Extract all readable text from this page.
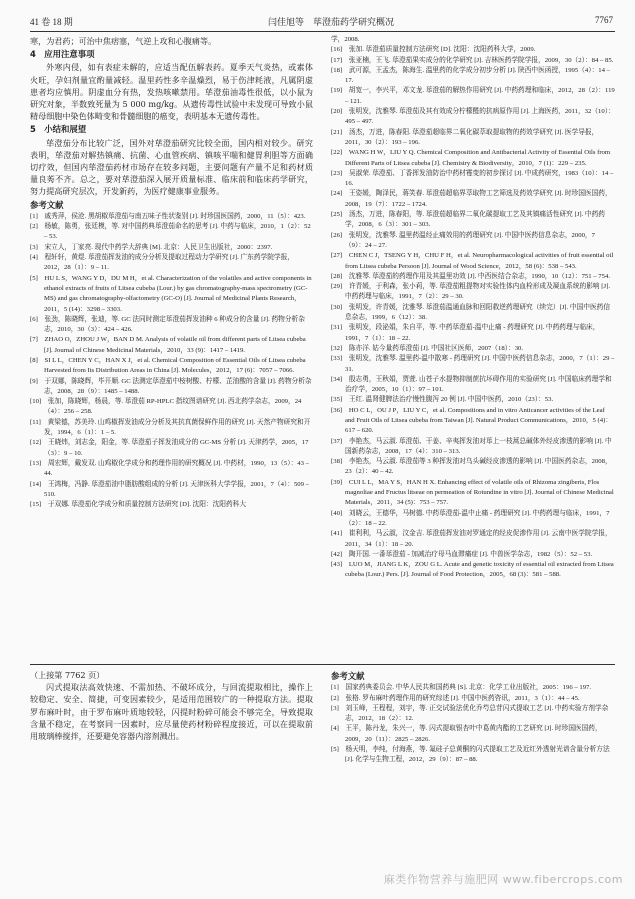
41 卷 18 期	闫佳旭等　荜澄茄药学研究概况	7767

寒，为君药；可治中焦痞塞，气逆上攻和心腹痛等。

4　应用注意事项

外寒内侵，如有表症未解的，应适当配伍解表药。夏季天气炎热，或素体火旺，孕妇剂量宜酌量减轻。温里药性多辛温燥烈，易于伤津耗液，凡属阴虚患者均应慎用。阴虚血分有热，发热咳嗽禁用。荜澄茄油毒性很低，以小鼠为研究对象，半数致死量为 5 000 mg/kg。从遗传毒性试验中未发现可导致小鼠精母细胞中染色体畸变和骨髓细胞的癌变，表明基本无遗传毒性。

5　小结和展望

荜澄茄分布比较广泛，国外对荜澄茄研究比较全面，国内相对较少。研究表明，荜澄茄对解热镇痛、抗菌、心血管疾病、镇咳平喘和健胃利胆等方面确切疗效，但国内荜澄茄药材市场存在较多问题，主要问题有产量不足和药材质量良莠不齐。总之，要对荜澄茄深入展开质量标准、临床前和临床药学研究，努力提高研究层次，开发新药，为医疗健康事业服务。

参考文献
[1]　戚秀萍，侯沧. 黑胡椒荜澄茄与南五味子性状鉴别 [J]. 时珍国医国药，2000，11（5）：423.
[2]　杨敏，陈勇，张廷模，等. 对中国药典荜澄茄命名的思考 [J]. 中药与临床，2010，1（2）：52 – 53.
[3]　宋立人，丁家亮. 现代中药学大辞典 [M]. 北京：人民卫生出版社，2000：2397.
[4]　程轩轩，黄煜. 荜澄茄挥发油的成分分析及提取过程动力学研究 [J]. 广东药学院学报，2012，28（1）：9 – 11.
[5]　HU L S，WANG Y D，DU M H，et al. Characterization of the volatiles and active components in ethanol extracts of fruits of Litsea cubeba (Lour.) by gas chromatography-mass spectrometry (GC-MS) and gas chromatography-olfactometry (GC-O) [J]. Journal of Medicinal Plants Research，2011，5 (14)：3298 – 3303.
[6]　张劲，陈晓辉，张迪，等. GC 法同时测定荜澄茄挥发油种 6 种成分的含量 [J]. 药物分析杂志，2010，30（3）：424 – 426.
[7]　ZHAO O，ZHOU J W，BAN D M. Analysis of volatile oil from different parts of Litsea cubeba [J]. Journal of Chinese Medicinal Materials，2010，33 (9)：1417 – 1419.
[8]　SI L L，CHEN Y C，HAN X J，et al. Chemical Composition of Essential Oils of Litsea cubeba Harvested from Its Distribution Areas in China [J]. Molecules，2012，17 (6)：7057 – 7066.
[9]　于双娜，陈晓辉，毕开顺. GC 法测定荜澄茄中桉树酸、柠檬、芷油酸的含量 [J]. 药物分析杂志，2008，28（9）：1485 – 1488.
[10]　张加，陈晓辉，杨晨，等. 荜澄茄 RP-HPLC 指纹图谱研究 [J]. 西北药学杂志，2009，24（4）：256 – 258.
[11]　黄梁德，苏美玲. 山鸡椒挥发油成分分析及其抗真菌保鲜作用的研究 [J]. 天然产物研究和开发，1994，6（1）：1 – 5.
[12]　王晓炜，刘志金，阳金，等. 荜澄茄子挥发油成分的 GC-MS 分析 [J]. 天津药学，2005，17（3）：9 – 10.
[13]　周宏辉，戴发双. 山鸡椒化学成分和药理作用的研究概况 [J]. 中药材，1990，13（5）：43 – 44.
[14]　王鸿梅，冯静. 荜澄茄油中脂肪酸组成的分析 [J]. 天津医科大学学报，2001，7（4）：509 – 510.
[15]　于双娜. 荜澄茄化学成分和质量控制方法研究 [D]. 沈阳：沈阳药科大
学，2008.
[16]　张加. 荜澄茄质量控制方法研究 [D]. 沈阳：沈阳药科大学，2009.
[17]　张亚楠，王飞. 荜澄茄果实成分的化学研究 [J]. 吉林医药学院学报，2009，30（2）：84 – 85.
[18]　武可源，王孟杰，陈海生. 温里药的化学成分初步分析 [J]. 陕西中医函授，1995（4）：14 – 17.
[19]　胡宽一，李兴平，邓文龙. 荜澄茄的解热作用研究 [J]. 中药药理和临床，2012，28（2）：119 – 121.
[20]　张明发，沈雅琴. 荜澄茄及其有效成分柠檬醛的抗病原作用 [J]. 上海医药，2011，32（10）：495 – 497.
[21]　汤杰，万进，陈春阳. 荜澄茄超临界二氧化碳萃取提取物的药效学研究 [J]. 医学导报，2011，30（2）：193 – 196.
[22]　WANG H W，LIU Y Q. Chemical Composition and Antibacterial Activity of Essential Oils from Different Parts of Litsea cubeba [J]. Chemistry & Biodiversity，2010，7 (1)：229 – 235.
[23]　吴淑荣. 荜澄茄、丁香挥发油防治中药材霉变的初步探讨 [J]. 中成药研究，1983（10）：14 – 16.
[24]　王姿媛，陶泽民，蒋笑春. 荜澄茄超临界萃取物工艺筛选及药效学研究 [J]. 时珍国医国药，2008，19（7）：1722 – 1724.
[25]　汤杰，万进，陈春阳，等. 荜澄茄超临界二氧化碳提取工艺及其镇痛活性研究 [J]. 中药药学，2008，6（3）：301 – 303.
[26]　张明发，沈雅琴. 温里药温经止痛效用的药理研究 [J]. 中国中医药信息杂志，2000，7（9）：24 – 27.
[27]　CHEN C J，TSENG Y H，CHU F H，et al. Neuropharmacological activities of fruit essential oil from Litsea cubeba Persoon [J]. Journal of Wood Science，2012，58 (6)：538 – 543.
[28]　沈雅琴. 荜澄茄的药理作用及其温里功效 [J]. 中西医结合杂志，1990，10（12）：751 – 754.
[29]　许青媛，于利森，张小莉，等. 荜澄茄粗提物对实验性体内血栓形成及凝血系统的影响 [J]. 中药药理与临床，1991，7（2）：29 – 30.
[30]　张明发，许青媛，沈雅琴. 荜澄茄温通血脉和回阳救逆药理研究（续完）[J]. 中国中医药信息杂志，1999，6（12）：38.
[31]　张明发，段泌娟，朱自平，等. 中药荜澄茄-温中止痛 - 药理研究 [J]. 中药药理与临床，1991，7（1）：18 – 22.
[32]　陈亦洋. 姑今量药荜澄茄 [J]. 中国社区医师，2007（18）：30.
[33]　张明发，沈雅琴. 温里药-温中散寒 - 药理研究 [J]. 中国中医药信息杂志，2000，7（1）：29 – 31.
[34]　殷志勇，王秋娟，贾萱. 山苍子水提物抑制蔗抗坏碍作用的实验研究 [J]. 中国临床药理学和治疗学，2005，10（1）：97 – 101.
[35]　王红. 温肾健脾法治疗慢性腹泻 20 例 [J]. 中国中医药，2010（23）：53.
[36]　HO C L，OU J P，LIU Y C，et al. Compositions and in vitro Anticancer activities of the Leaf and Fruit Oils of Litsea cubeba from Taiwan [J]. Natural Product Communications，2010，5 (4)：617 – 620.
[37]　李艳杰，马云淑. 荜澄茄、干姜、辛夷挥发油对荜上一枝蒿总碱体外经皮渗透的影响 [J]. 中国新药杂志，2008，17（4）：310 – 313.
[38]　李艳杰，马云淑. 荜澄茄等 3 种挥发油对乌头碱经皮渗透的影响 [J]. 中国医药杂志，2008，23（2）：40 – 42.
[39]　CUI L L，MA Y S，HAN H X. Enhancing effect of volatile oils of Rhizoma zingiberis, Flos magnoliae and Fructus litseae on permeation of Rotundine in vitro [J]. Journal of Chinese Medicinal Materials，2011，34 (5)：753 – 757.
[40]　刘晓云，王德华，马树德. 中药荜澄茄-温中止痛 - 药理研究 [J]. 中药药理与临床，1991，7（2）：18 – 22.
[41]　崔利利，马云淑，汶金吉. 荜澄茄挥发油对罗通定的经皮促渗作用 [J]. 云南中医学院学报，2011，34（1）：18 – 20.
[42]　陶开国. 一番荜澄茄 - 加减治疗母马血滞痛症 [J]. 中兽医学杂志，1982（5）：52 – 53.
[43]　LUO M，JIANG L K，ZOU G L. Acute and genetic toxicity of essential oil extracted from Litsea cubeba (Lour.) Pers. [J]. Journal of Food Protection，2005，68 (3)：581 – 588.

（上接第 7762 页）

闪式提取法高效快速、不需加热、不破坏成分，与回流提取相比，操作上较稳定、安全、简捷，可变因素较少，是适用范围较广的一种提取方法。提取罗布麻叶时，由于罗布麻叶质地较轻，闪提时粉碎可能会不够完全，导致提取含量不稳定，在考察同一因素时，应尽量使药材粉碎程度接近，可以在提取前用玻璃棒搅拌，还要避免容器内溶剂溅出。

参考文献
[1]　国家药典委员会. 中华人民共和国药典 [S]. 北京：化学工业出版社，2005：196 – 197.
[2]　张格. 罗布麻叶药理作用的研究综述 [J]. 中国中医药咨讯，2011，3（1）：44 – 45.
[3]　刘玉峰，王程程，刘宇，等. 正交试验法优化乔芍总苷闪式提取工艺 [J]. 中药实验方剂学杂志，2012，18（2）：12.
[4]　王平，陈丹龙，朱兴一，等. 闪式提取银杏叶中葛黄内酯的工艺研究 [J]. 时珍国医国药，2009，20（11）：2825 – 2826.
[5]　杨天明，李纯，付海燕，等. 氟硅子总黄酮的闪式提取工艺及近红外透射光谱含量分析方法 [J]. 化学与生物工程，2012，29（9）：87 – 88.
麻类作物营养与施肥网 www.fibercrops.com
